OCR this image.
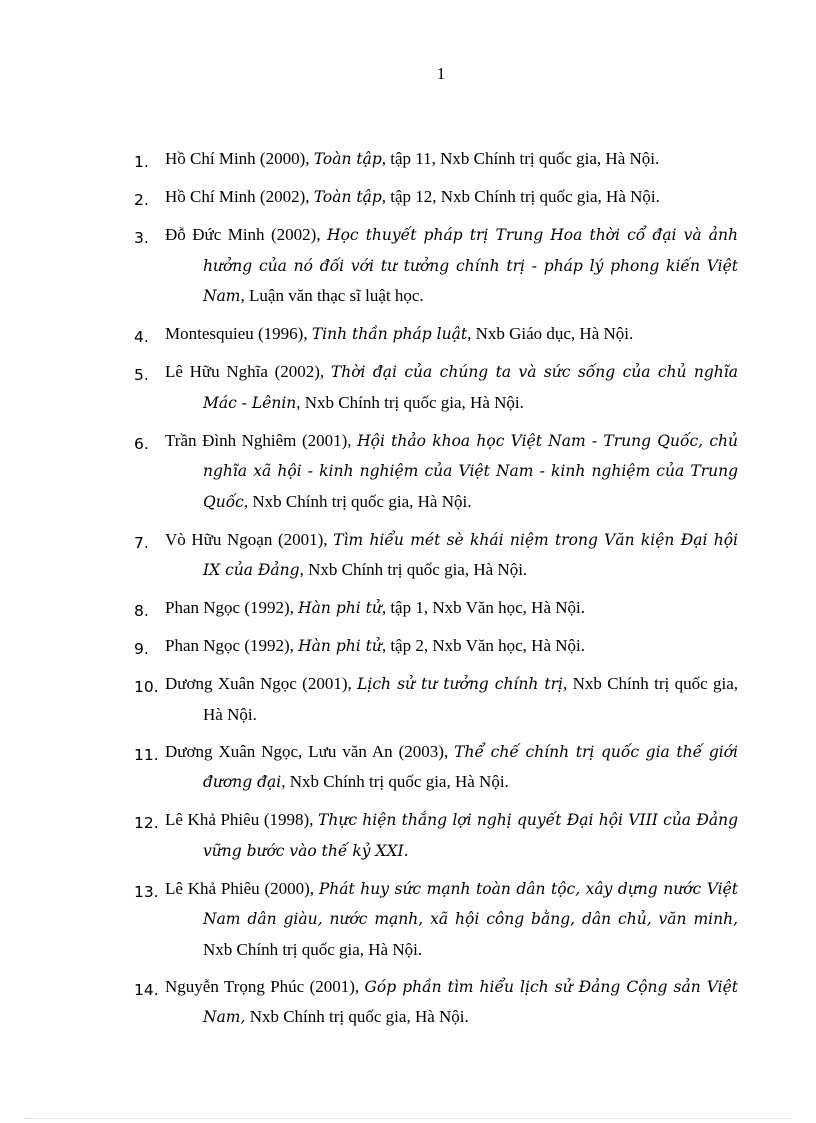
1
1. Hồ Chí Minh (2000), Toàn tập, tập 11, Nxb Chính trị quốc gia, Hà Nội.
2. Hồ Chí Minh (2002), Toàn tập, tập 12, Nxb Chính trị quốc gia, Hà Nội.
3. Đỗ Đức Minh (2002), Học thuyết pháp trị Trung Hoa thời cổ đại và ảnh hưởng của nó đối với tư tưởng chính trị - pháp lý phong kiến Việt Nam, Luận văn thạc sĩ luật học.
4. Montesquieu (1996), Tinh thần pháp luật, Nxb Giáo dục, Hà Nội.
5. Lê Hữu Nghĩa (2002), Thời đại của chúng ta và sức sống của chủ nghĩa Mác - Lênin, Nxb Chính trị quốc gia, Hà Nội.
6. Trần Đình Nghiêm (2001), Hội thảo khoa học Việt Nam - Trung Quốc, chủ nghĩa xã hội - kinh nghiệm của Việt Nam - kinh nghiệm của Trung Quốc, Nxb Chính trị quốc gia, Hà Nội.
7. Vò Hữu Ngoạn (2001), Tìm hiểu mét sè khái niệm trong Văn kiện Đại hội IX của Đảng, Nxb Chính trị quốc gia, Hà Nội.
8. Phan Ngọc (1992), Hàn phi tử, tập 1, Nxb Văn học, Hà Nội.
9. Phan Ngọc (1992), Hàn phi tử, tập 2, Nxb Văn học, Hà Nội.
10. Dương Xuân Ngọc (2001), Lịch sử tư tưởng chính trị, Nxb Chính trị quốc gia, Hà Nội.
11. Dương Xuân Ngọc, Lưu văn An (2003), Thể chế chính trị quốc gia thế giới đương đại, Nxb Chính trị quốc gia, Hà Nội.
12. Lê Khả Phiêu (1998), Thực hiện thắng lợi nghị quyết Đại hội VIII của Đảng vững bước vào thế kỷ XXI.
13. Lê Khả Phiêu (2000), Phát huy sức mạnh toàn dân tộc, xây dựng nước Việt Nam dân giàu, nước mạnh, xã hội công bằng, dân chủ, văn minh, Nxb Chính trị quốc gia, Hà Nội.
14. Nguyễn Trọng Phúc (2001), Góp phần tìm hiểu lịch sử Đảng Cộng sản Việt Nam, Nxb Chính trị quốc gia, Hà Nội.
